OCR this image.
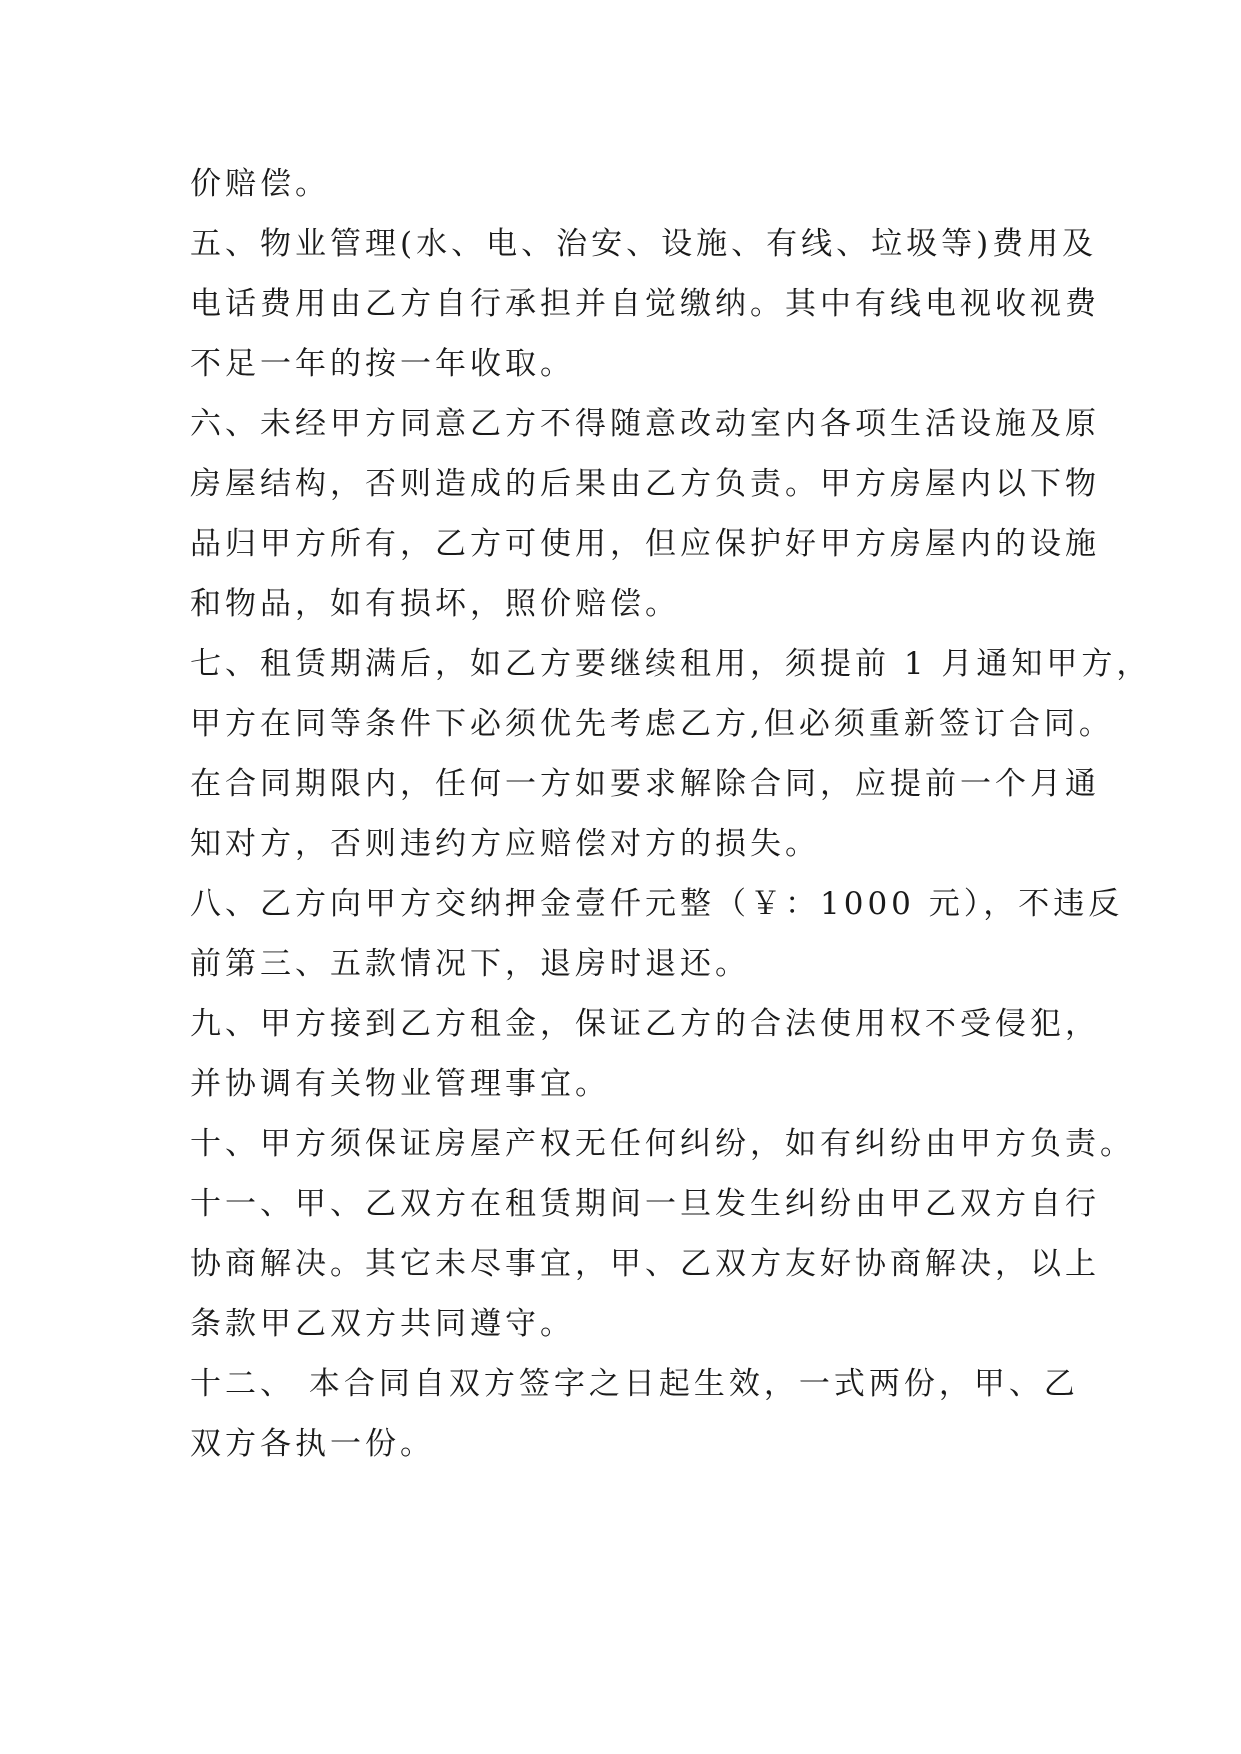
价赔偿。
五、物业管理(水、电、治安、设施、有线、垃圾等)费用及
电话费用由乙方自行承担并自觉缴纳。其中有线电视收视费
不足一年的按一年收取。
六、未经甲方同意乙方不得随意改动室内各项生活设施及原
房屋结构，否则造成的后果由乙方负责。甲方房屋内以下物
品归甲方所有，乙方可使用，但应保护好甲方房屋内的设施
和物品，如有损坏，照价赔偿。
七、租赁期满后，如乙方要继续租用，须提前 1 月通知甲方，
甲方在同等条件下必须优先考虑乙方,但必须重新签订合同。
在合同期限内，任何一方如要求解除合同，应提前一个月通
知对方，否则违约方应赔偿对方的损失。
八、乙方向甲方交纳押金壹仟元整（￥：1000 元），不违反
前第三、五款情况下，退房时退还。
九、甲方接到乙方租金，保证乙方的合法使用权不受侵犯，
并协调有关物业管理事宜。
十、甲方须保证房屋产权无任何纠纷，如有纠纷由甲方负责。
十一、甲、乙双方在租赁期间一旦发生纠纷由甲乙双方自行
协商解决。其它未尽事宜，甲、乙双方友好协商解决，以上
条款甲乙双方共同遵守。
十二、 本合同自双方签字之日起生效，一式两份，甲、乙
双方各执一份。
